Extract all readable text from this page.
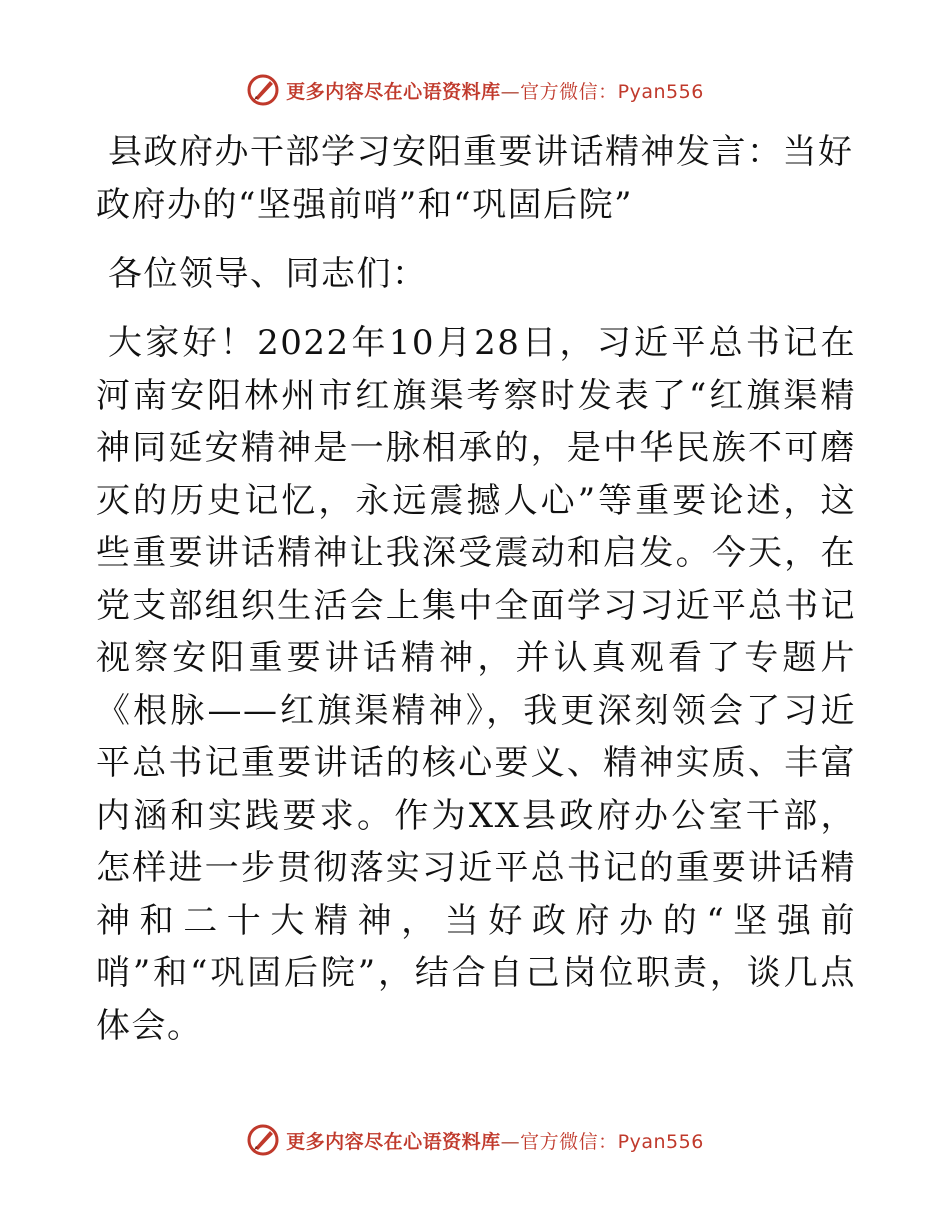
更多内容尽在心语资料库—官方微信：Pyan556
县政府办干部学习安阳重要讲话精神发言：当好政府办的“坚强前哨”和“巩固后院”

各位领导、同志们：

大家好！2022年10月28日，习近平总书记在河南安阳林州市红旗渠考察时发表了“红旗渠精神同延安精神是一脉相承的，是中华民族不可磨灭的历史记忆，永远震撼人心”等重要论述，这些重要讲话精神让我深受震动和启发。今天，在党支部组织生活会上集中全面学习习近平总书记视察安阳重要讲话精神，并认真观看了专题片《根脉——红旗渠精神》，我更深刻领会了习近平总书记重要讲话的核心要义、精神实质、丰富内涵和实践要求。作为XX县政府办公室干部，怎样进一步贯彻落实习近平总书记的重要讲话精神和二十大精神，当好政府办的“坚强前哨”和“巩固后院”，结合自己岗位职责，谈几点体会。

更多内容尽在心语资料库—官方微信：Pyan556
